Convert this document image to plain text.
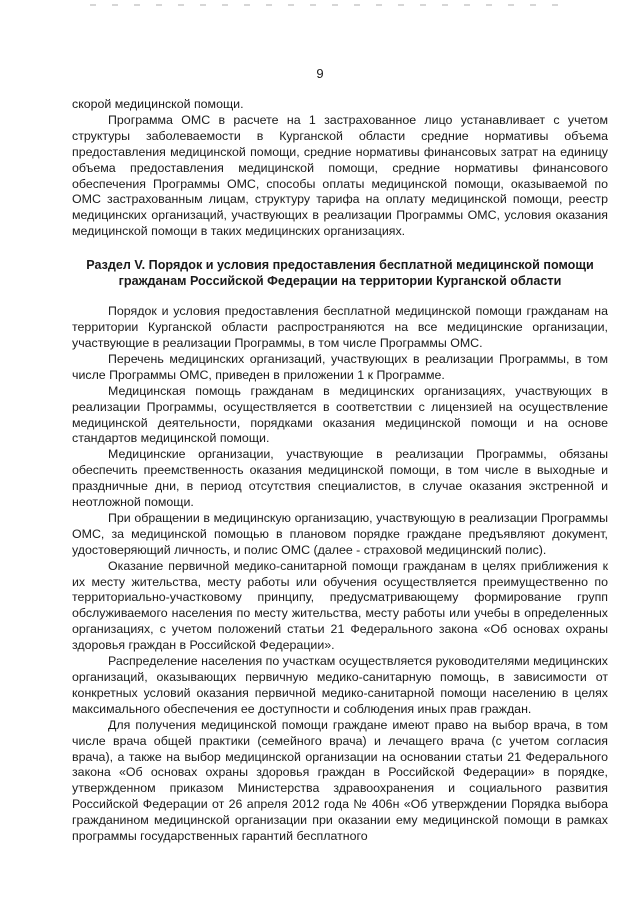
9

скорой медицинской помощи.

Программа ОМС в расчете на 1 застрахованное лицо устанавливает с учетом структуры заболеваемости в Курганской области средние нормативы объема предоставления медицинской помощи, средние нормативы финансовых затрат на единицу объема предоставления медицинской помощи, средние нормативы финансового обеспечения Программы ОМС, способы оплаты медицинской помощи, оказываемой по ОМС застрахованным лицам, структуру тарифа на оплату медицинской помощи, реестр медицинских организаций, участвующих в реализации Программы ОМС, условия оказания медицинской помощи в таких медицинских организациях.

Раздел V. Порядок и условия предоставления бесплатной медицинской помощи гражданам Российской Федерации на территории Курганской области

Порядок и условия предоставления бесплатной медицинской помощи гражданам на территории Курганской области распространяются на все медицинские организации, участвующие в реализации Программы, в том числе Программы ОМС.

Перечень медицинских организаций, участвующих в реализации Программы, в том числе Программы ОМС, приведен в приложении 1 к Программе.

Медицинская помощь гражданам в медицинских организациях, участвующих в реализации Программы, осуществляется в соответствии с лицензией на осуществление медицинской деятельности, порядками оказания медицинской помощи и на основе стандартов медицинской помощи.

Медицинские организации, участвующие в реализации Программы, обязаны обеспечить преемственность оказания медицинской помощи, в том числе в выходные и праздничные дни, в период отсутствия специалистов, в случае оказания экстренной и неотложной помощи.

При обращении в медицинскую организацию, участвующую в реализации Программы ОМС, за медицинской помощью в плановом порядке граждане предъявляют документ, удостоверяющий личность, и полис ОМС (далее - страховой медицинский полис).

Оказание первичной медико-санитарной помощи гражданам в целях приближения к их месту жительства, месту работы или обучения осуществляется преимущественно по территориально-участковому принципу, предусматривающему формирование групп обслуживаемого населения по месту жительства, месту работы или учебы в определенных организациях, с учетом положений статьи 21 Федерального закона «Об основах охраны здоровья граждан в Российской Федерации».

Распределение населения по участкам осуществляется руководителями медицинских организаций, оказывающих первичную медико-санитарную помощь, в зависимости от конкретных условий оказания первичной медико-санитарной помощи населению в целях максимального обеспечения ее доступности и соблюдения иных прав граждан.

Для получения медицинской помощи граждане имеют право на выбор врача, в том числе врача общей практики (семейного врача) и лечащего врача (с учетом согласия врача), а также на выбор медицинской организации на основании статьи 21 Федерального закона «Об основах охраны здоровья граждан в Российской Федерации» в порядке, утвержденном приказом Министерства здравоохранения и социального развития Российской Федерации от 26 апреля 2012 года № 406н «Об утверждении Порядка выбора гражданином медицинской организации при оказании ему медицинской помощи в рамках программы государственных гарантий бесплатного
